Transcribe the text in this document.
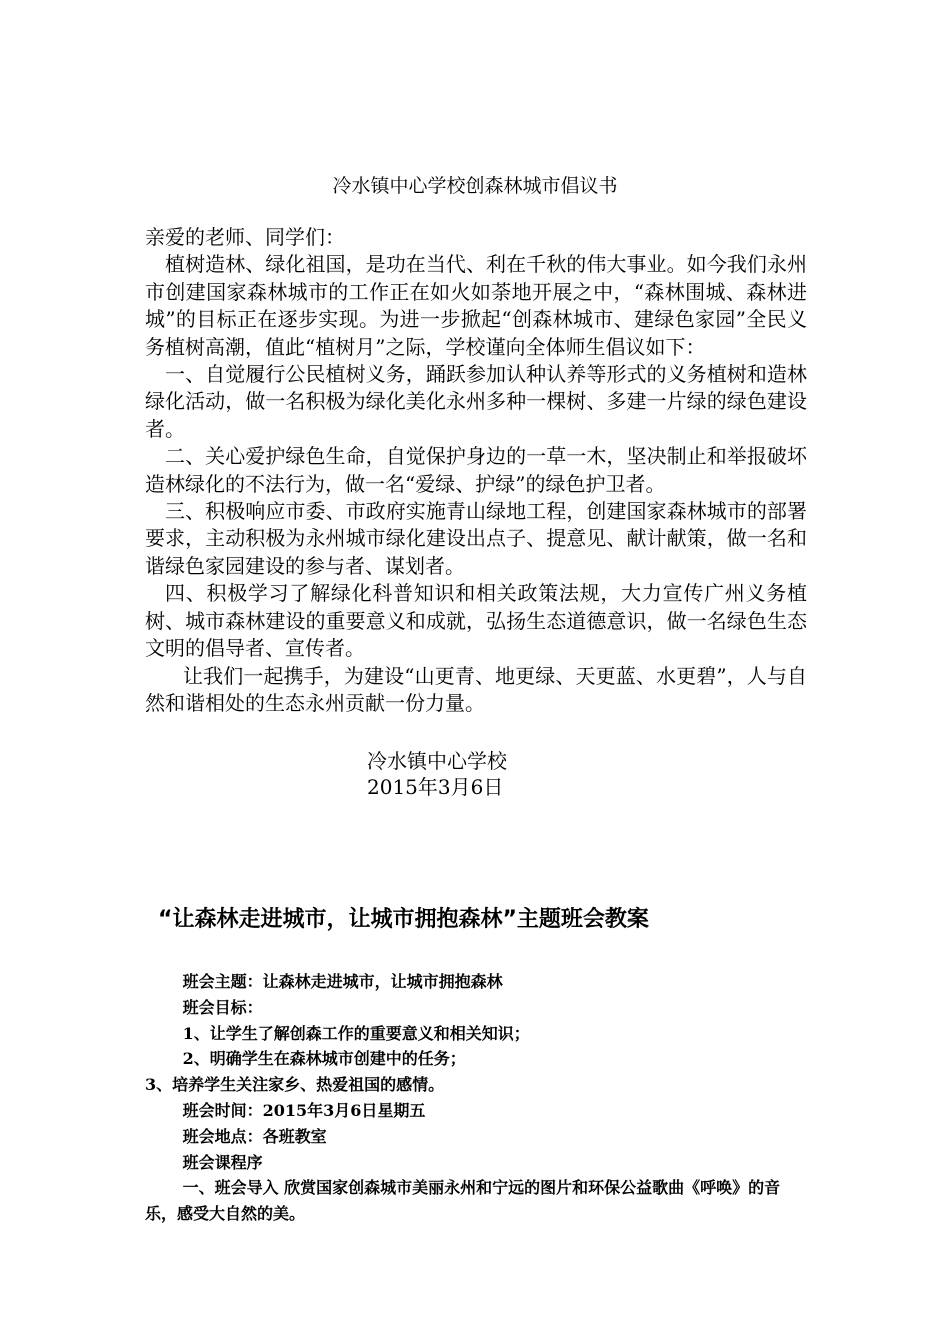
冷水镇中心学校创森林城市倡议书

亲爱的老师、同学们：

植树造林、绿化祖国，是功在当代、利在千秋的伟大事业。如今我们永州市创建国家森林城市的工作正在如火如荼地开展之中，“森林围城、森林进城”的目标正在逐步实现。为进一步掀起“创森林城市、建绿色家园”全民义务植树高潮，值此“植树月”之际，学校谨向全体师生倡议如下：

一、自觉履行公民植树义务，踊跃参加认种认养等形式的义务植树和造林绿化活动，做一名积极为绿化美化永州多种一棵树、多建一片绿的绿色建设者。

二、关心爱护绿色生命，自觉保护身边的一草一木，坚决制止和举报破坏造林绿化的不法行为，做一名“爱绿、护绿”的绿色护卫者。

三、积极响应市委、市政府实施青山绿地工程，创建国家森林城市的部署要求，主动积极为永州城市绿化建设出点子、提意见、献计献策，做一名和谐绿色家园建设的参与者、谋划者。

四、积极学习了解绿化科普知识和相关政策法规，大力宣传广州义务植树、城市森林建设的重要意义和成就，弘扬生态道德意识，做一名绿色生态文明的倡导者、宣传者。

让我们一起携手，为建设“山更青、地更绿、天更蓝、水更碧”，人与自然和谐相处的生态永州贡献一份力量。

冷水镇中心学校
2015年3月6日
“让森林走进城市，让城市拥抱森林”主题班会教案

班会主题：让森林走进城市，让城市拥抱森林

班会目标：

1、让学生了解创森工作的重要意义和相关知识；

2、明确学生在森林城市创建中的任务；

3、培养学生关注家乡、热爱祖国的感情。

班会时间：2015年3月6日星期五

班会地点：各班教室

班会课程序

一、班会导入 欣赏国家创森城市美丽永州和宁远的图片和环保公益歌曲《呼唤》的音乐，感受大自然的美。
